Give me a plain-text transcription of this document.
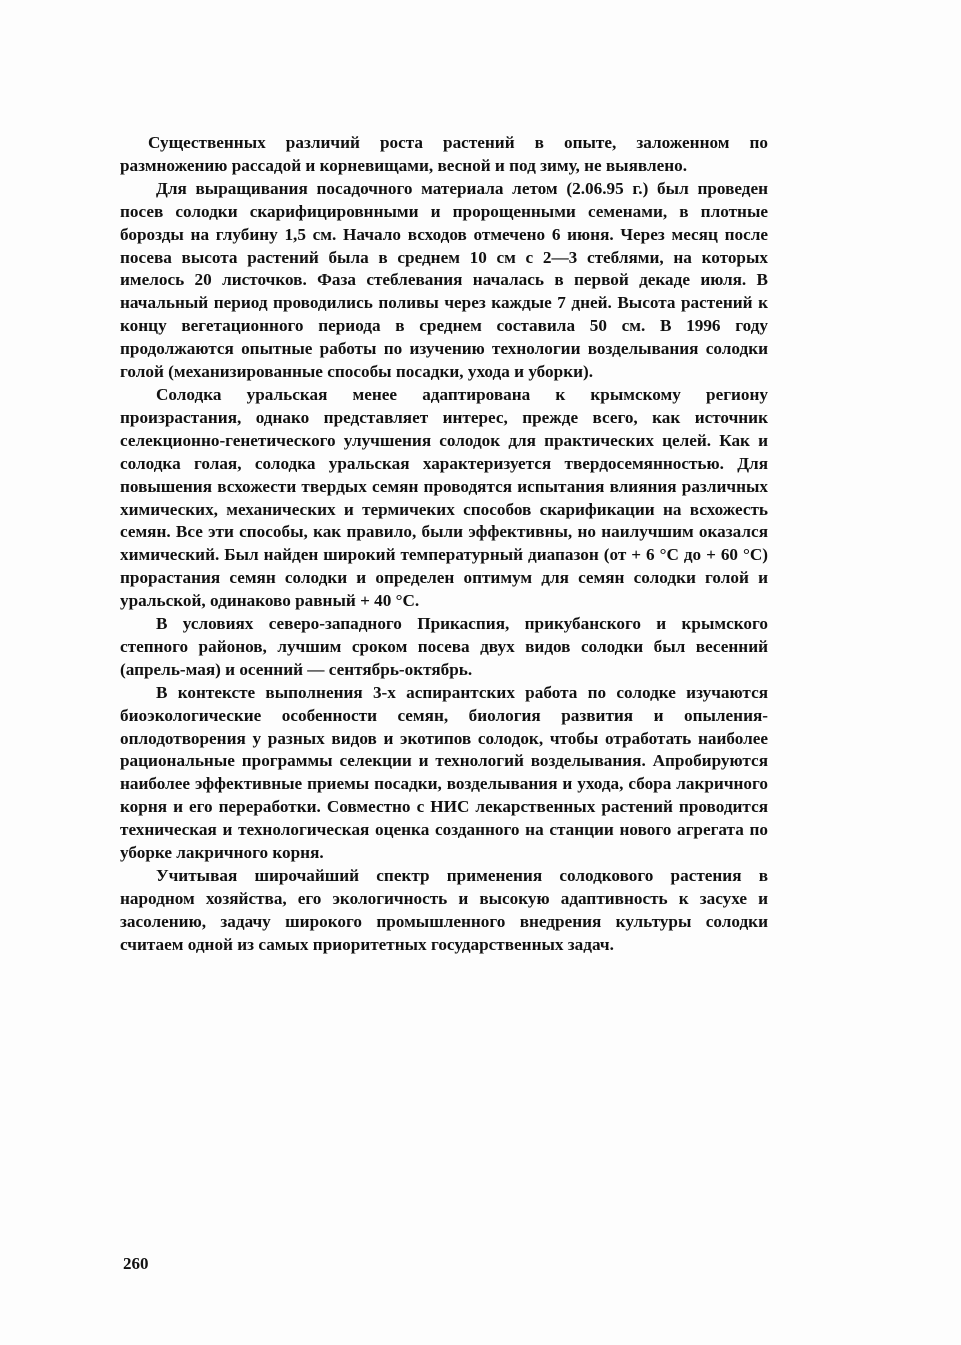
Существенных различий роста растений в опыте, заложенном по размножению рассадой и корневищами, весной и под зиму, не выявлено.

Для выращивания посадочного материала летом (2.06.95 г.) был проведен посев солодки скарифицировнными и пророщенными семенами, в плотные борозды на глубину 1,5 см. Начало всходов отмечено 6 июня. Через месяц после посева высота растений была в среднем 10 см с 2—3 стеблями, на которых имелось 20 листочков. Фаза стеблевания началась в первой декаде июля. В начальный период проводились поливы через каждые 7 дней. Высота растений к концу вегетационного периода в среднем составила 50 см. В 1996 году продолжаются опытные работы по изучению технологии возделывания солодки голой (механизированные способы посадки, ухода и уборки).

Солодка уральская менее адаптирована к крымскому региону произрастания, однако представляет интерес, прежде всего, как источник селекционно-генетического улучшения солодок для практических целей. Как и солодка голая, солодка уральская характеризуется твердосемянностью. Для повышения всхожести твердых семян проводятся испытания влияния различных химических, механических и термичеких способов скарификации на всхожесть семян. Все эти способы, как правило, были эффективны, но наилучшим оказался химический. Был найден широкий температурный диапазон (от + 6 °С до + 60 °С) прорастания семян солодки и определен оптимум для семян солодки голой и уральской, одинаково равный + 40 °С.

В условиях северо-западного Прикаспия, прикубанского и крымского степного районов, лучшим сроком посева двух видов солодки был весенний (апрель-мая) и осенний — сентябрь-октябрь.

В контексте выполнения 3-х аспирантских работа по солодке изучаются биоэкологические особенности семян, биология развития и опыления-оплодотворения у разных видов и экотипов солодок, чтобы отработать наиболее рациональные программы селекции и технологий возделывания. Апробируются наиболее эффективные приемы посадки, возделывания и ухода, сбора лакричного корня и его переработки. Совместно с НИС лекарственных растений проводится техническая и технологическая оценка созданного на станции нового агрегата по уборке лакричного корня.

Учитывая широчайший спектр применения солодкового растения в народном хозяйства, его экологичность и высокую адаптивность к засухе и засолению, задачу широкого промышленного внедрения культуры солодки считаем одной из самых приоритетных государственных задач.

260
